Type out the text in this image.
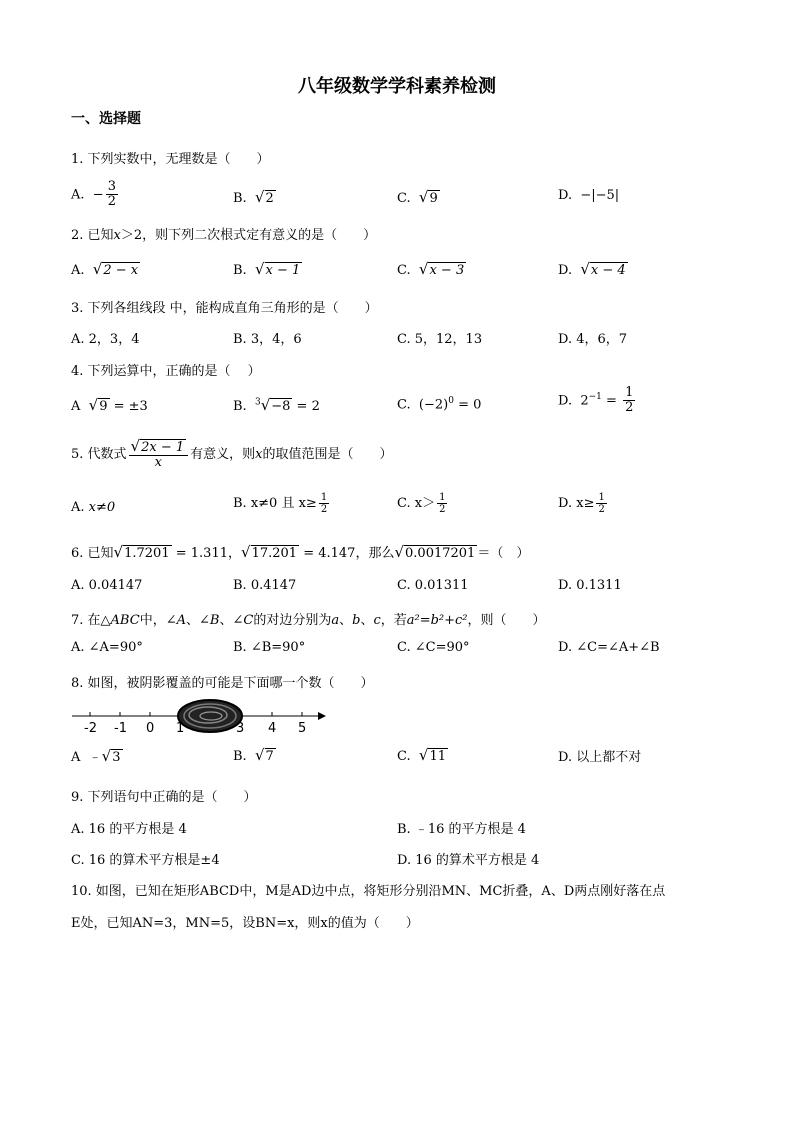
八年级数学学科素养检测
一、选择题
1. 下列实数中，无理数是（　　）
A. − $\frac{3}{2}$	B. √2	C. √9	D. −|−5|
2. 已知x＞2，则下列二次根式定有意义的是（　　）
A. √2 − x	B. √x − 1	C. √x − 3	D. √x − 4
3. 下列各组线段 中，能构成直角三角形的是（　　）
A. 2，3，4	B. 3，4，6	C. 5，12，13	D. 4，6，7
4. 下列运算中，正确的是（　 ）
A √9 = ±3	B. $^3$√−8 = 2	C. $(-2)^0 = 0$	D. $2^{-1} = \frac{1}{2}$
5. 代数式 $\frac{√2x - 1}{x}$ 有意义，则x的取值范围是（　　）
A. x≠0	B. x≠0 且 $x\ge \frac{1}{2}$	C. $x> \frac{1}{2}$	D. $x\ge \frac{1}{2}$
6. 已知√1.7201 = 1.311，√17.201 = 4.147，那么√0.0017201 ＝（　）
A. 0.04147	B. 0.4147	C. 0.01311	D. 0.1311
7. 在△ABC中，∠A、∠B、∠C的对边分别为a、b、c，若a²=b²+c²，则（　　）
A. ∠A=90°	B. ∠B=90°	C. ∠C=90°	D. ∠C=∠A+∠B
8. 如图，被阴影覆盖的可能是下面哪一个数（　　）
-2 -1 0 1	3 4 5
A ﹣√3	B. √7	C. √11	D. 以上都不对
9. 下列语句中正确的是（　　）
A. 16 的平方根是 4	B. ﹣16 的平方根是 4
C. 16 的算术平方根是±4	D. 16 的算术平方根是 4
10. 如图，已知在矩形ABCD中，M是AD边中点，将矩形分别沿MN、MC折叠，A、D两点刚好落在点
E处，已知AN=3，MN=5，设BN=x，则x的值为（　　）
